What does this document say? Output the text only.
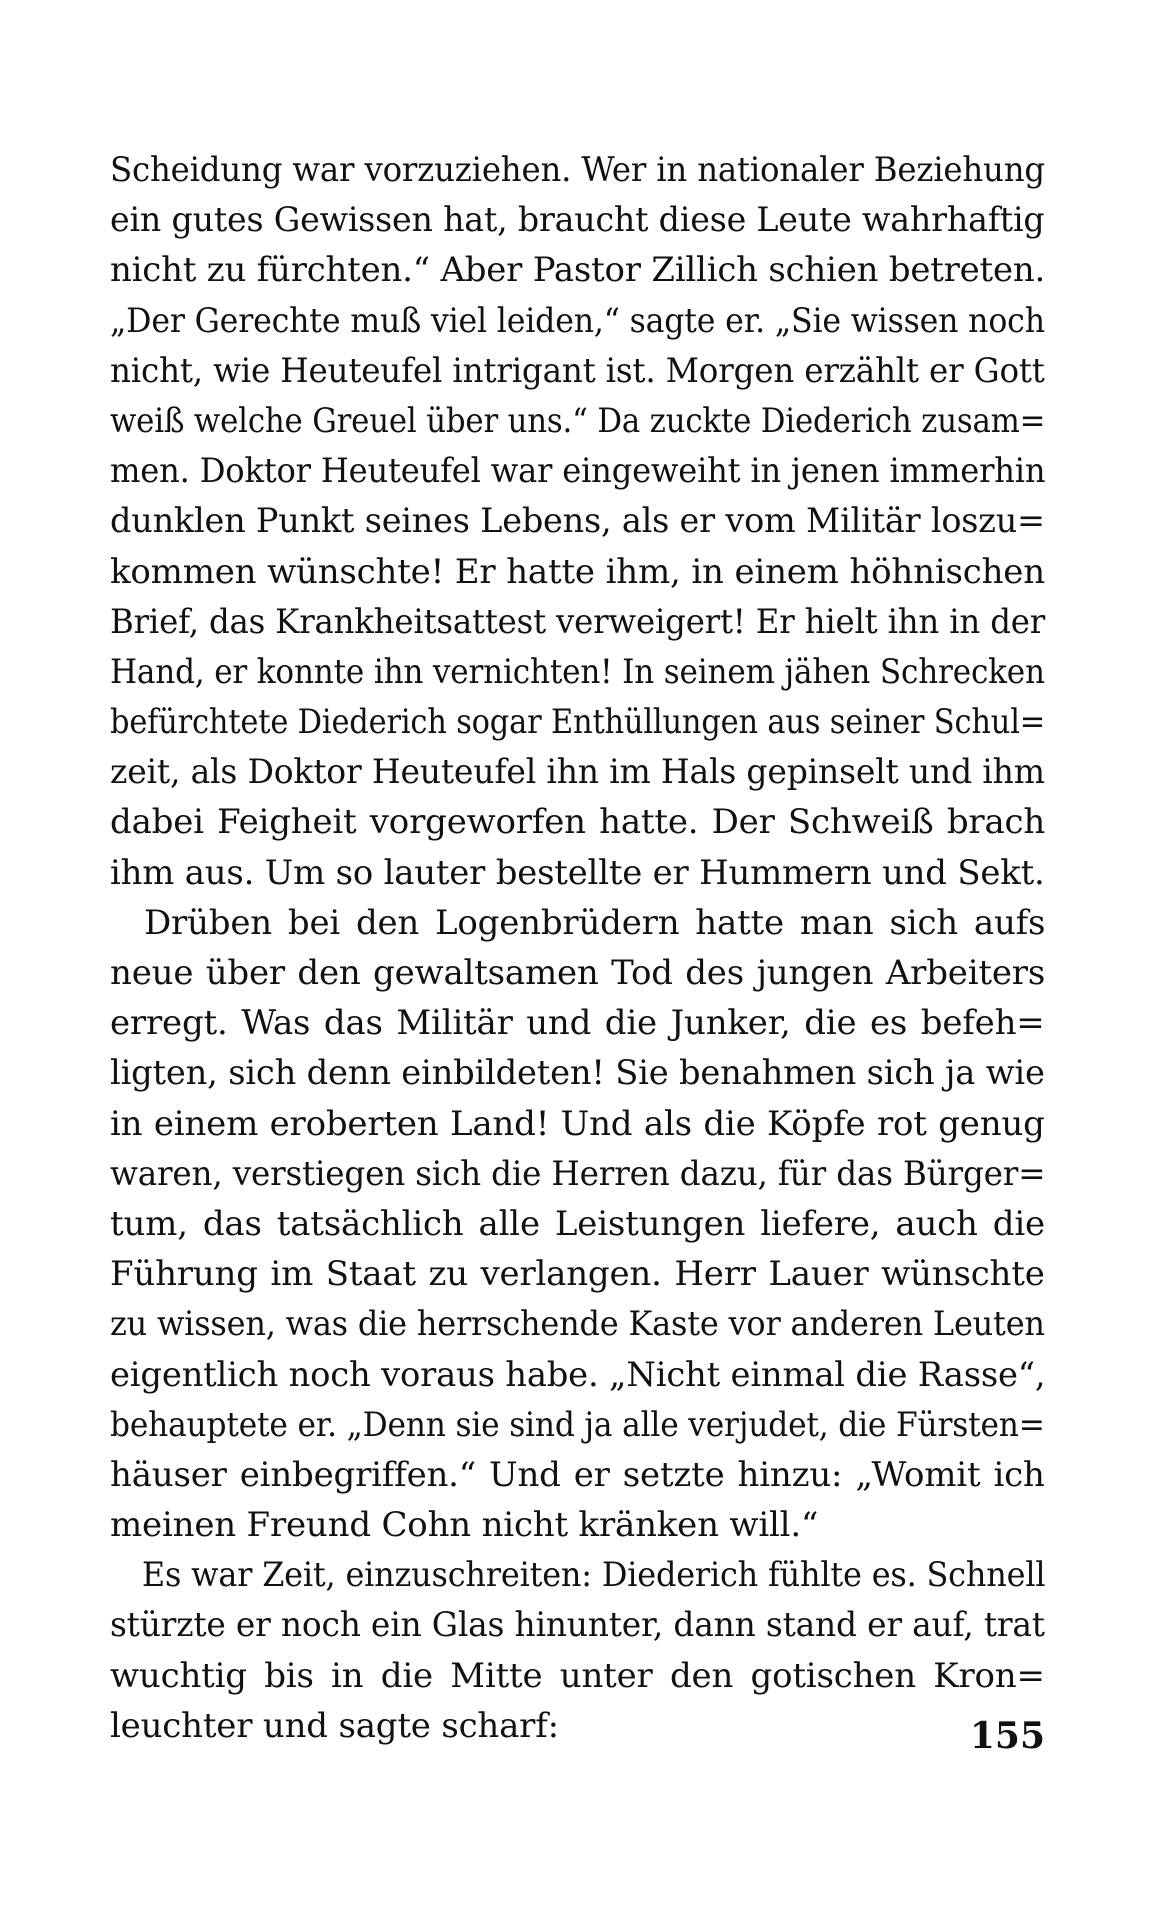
Scheidung war vorzuziehen. Wer in nationaler Beziehung
ein gutes Gewissen hat, braucht diese Leute wahrhaftig
nicht zu fürchten.“ Aber Pastor Zillich schien betreten.
„Der Gerechte muß viel leiden,“ sagte er. „Sie wissen noch
nicht, wie Heuteufel intrigant ist. Morgen erzählt er Gott
weiß welche Greuel über uns.“ Da zuckte Diederich zusam=
men. Doktor Heuteufel war eingeweiht in jenen immerhin
dunklen Punkt seines Lebens, als er vom Militär loszu=
kommen wünschte! Er hatte ihm, in einem höhnischen
Brief, das Krankheitsattest verweigert! Er hielt ihn in der
Hand, er konnte ihn vernichten! In seinem jähen Schrecken
befürchtete Diederich sogar Enthüllungen aus seiner Schul=
zeit, als Doktor Heuteufel ihn im Hals gepinselt und ihm
dabei Feigheit vorgeworfen hatte. Der Schweiß brach
ihm aus. Um so lauter bestellte er Hummern und Sekt.
Drüben bei den Logenbrüdern hatte man sich aufs
neue über den gewaltsamen Tod des jungen Arbeiters
erregt. Was das Militär und die Junker, die es befeh=
ligten, sich denn einbildeten! Sie benahmen sich ja wie
in einem eroberten Land! Und als die Köpfe rot genug
waren, verstiegen sich die Herren dazu, für das Bürger=
tum, das tatsächlich alle Leistungen liefere, auch die
Führung im Staat zu verlangen. Herr Lauer wünschte
zu wissen, was die herrschende Kaste vor anderen Leuten
eigentlich noch voraus habe. „Nicht einmal die Rasse“,
behauptete er. „Denn sie sind ja alle verjudet, die Fürsten=
häuser einbegriffen.“ Und er setzte hinzu: „Womit ich
meinen Freund Cohn nicht kränken will.“
Es war Zeit, einzuschreiten: Diederich fühlte es. Schnell
stürzte er noch ein Glas hinunter, dann stand er auf, trat
wuchtig bis in die Mitte unter den gotischen Kron=
leuchter und sagte scharf:	155
